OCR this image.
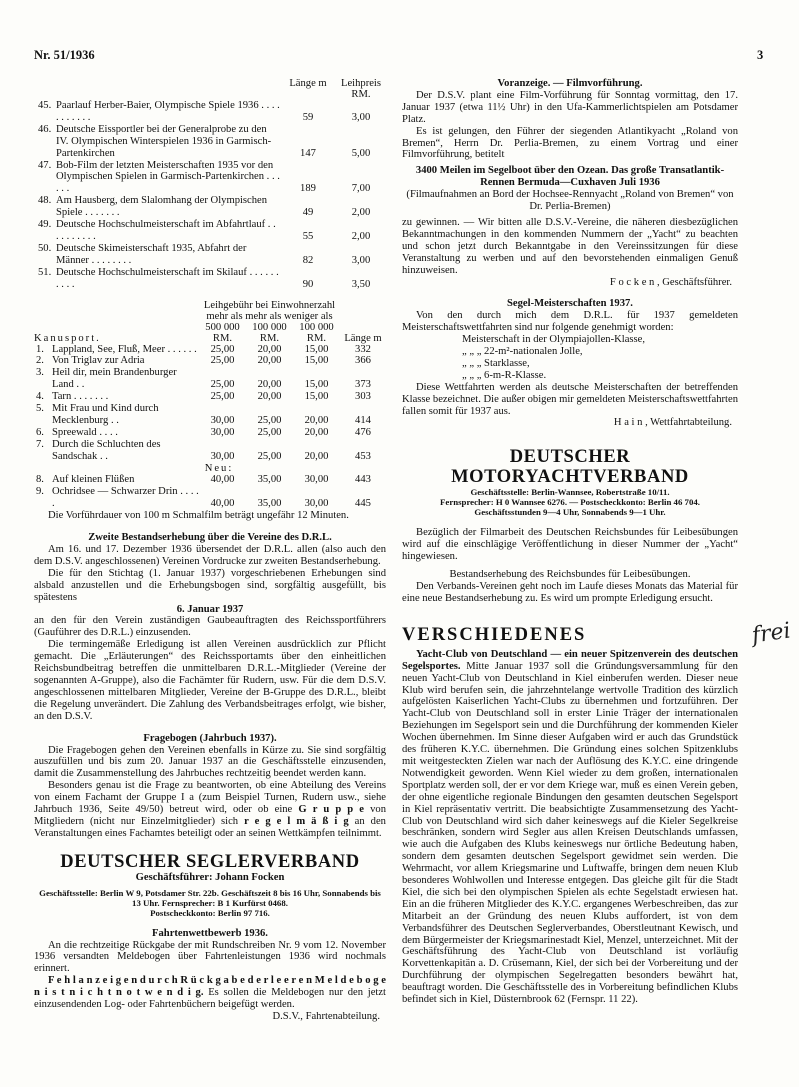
Nr. 51/1936	3
frei
		Länge m	Leihpreis RM.
45.	Paarlauf Herber-Baier, Olympische Spiele 1936 . . . . . . . . . . .	59	3,00
46.	Deutsche Eissportler bei der Generalprobe zu den IV. Olympischen Winterspielen 1936 in Garmisch-Partenkirchen	147	5,00
47.	Bob-Film der letzten Meisterschaften 1935 vor den Olympischen Spielen in Garmisch-Partenkirchen . . . . . .	189	7,00
48.	Am Hausberg, dem Slalomhang der Olympischen Spiele . . . . . . .	49	2,00
49.	Deutsche Hochschulmeisterschaft im Abfahrtlauf . . . . . . . . . .	55	2,00
50.	Deutsche Skimeisterschaft 1935, Abfahrt der Männer . . . . . . . .	82	3,00
51.	Deutsche Hochschulmeisterschaft im Skilauf . . . . . . . . . .	90	3,50
		Leihgebühr bei Einwohnerzahl			
		mehr als mehr als weniger als			
Kanusport.		500 000 RM.	100 000 RM.	100 000 RM.	Länge m
1.	Lappland, See, Fluß, Meer . . . . . .	25,00	20,00	15,00	332
2.	Von Triglav zur Adria	25,00	20,00	15,00	366
3.	Heil dir, mein Brandenburger Land . .	25,00	20,00	15,00	373
4.	Tarn . . . . . . .	25,00	20,00	15,00	303
5.	Mit Frau und Kind durch Mecklenburg . .	30,00	25,00	20,00	414
6.	Spreewald . . . .	30,00	25,00	20,00	476
7.	Durch die Schluchten des Sandschak . .	30,00	25,00	20,00	453
	Neu:				
8.	Auf kleinen Flüßen	40,00	35,00	30,00	443
9.	Ochridsee — Schwarzer Drin . . . . .	40,00	35,00	30,00	445

Die Vorführdauer von 100 m Schmalfilm beträgt ungefähr 12 Minuten.

Zweite Bestandserhebung über die Vereine des D.R.L.

Am 16. und 17. Dezember 1936 übersendet der D.R.L. allen (also auch den dem D.S.V. angeschlossenen) Vereinen Vordrucke zur zweiten Bestandserhebung.

Die für den Stichtag (1. Januar 1937) vorgeschriebenen Erhebungen sind alsbald anzustellen und die Erhebungsbogen sind, sorgfältig ausgefüllt, bis spätestens

6. Januar 1937

an den für den Verein zuständigen Gaubeauftragten des Reichssportführers (Gauführer des D.R.L.) einzusenden.

Die termingemäße Erledigung ist allen Vereinen ausdrücklich zur Pflicht gemacht. Die „Erläuterungen“ des Reichssportamts über den einheitlichen Reichsbundbeitrag betreffen die unmittelbaren D.R.L.-Mitglieder (Vereine der sogenannten A-Gruppe), also die Fachämter für Rudern, usw. Für die dem D.S.V. angeschlossenen mittelbaren Mitglieder, Vereine der B-Gruppe des D.R.L., bleibt die Regelung unverändert. Die Zahlung des Verbandsbeitrages erfolgt, wie bisher, an den D.S.V.

Fragebogen (Jahrbuch 1937).

Die Fragebogen gehen den Vereinen ebenfalls in Kürze zu. Sie sind sorgfältig auszufüllen und bis zum 20. Januar 1937 an die Geschäftsstelle einzusenden, damit die Zusammenstellung des Jahrbuches rechtzeitig beendet werden kann.

Besonders genau ist die Frage zu beantworten, ob eine Abteilung des Vereins von einem Fachamt der Gruppe I a (zum Beispiel Turnen, Rudern usw., siehe Jahrbuch 1936, Seite 49/50) betreut wird, oder ob eine G r u p p e von Mitgliedern (nicht nur Einzelmitglieder) sich r e g e l m ä ß i g an den Veranstaltungen eines Fachamtes beteiligt oder an seinen Wettkämpfen teilnimmt.

DEUTSCHER SEGLERVERBAND
Geschäftsführer: Johann Focken
Geschäftsstelle: Berlin W 9, Potsdamer Str. 22b. Geschäftszeit 8 bis 16 Uhr, Sonnabends bis 13 Uhr. Fernsprecher: B 1 Kurfürst 0468.
Postscheckkonto: Berlin 97 716.
Fahrtenwettbewerb 1936.

An die rechtzeitige Rückgabe der mit Rundschreiben Nr. 9 vom 12. November 1936 versandten Meldebogen über Fahrtenleistungen 1936 wird nochmals erinnert.

F e h l a n z e i g e n d u r c h R ü c k g a b e d e r l e e r e n M e l d e b o g e n i s t n i c h t n o t w e n d i g. Es sollen die Meldebogen nur den jetzt einzusendenden Log- oder Fahrtenbüchern beigefügt werden.

D.S.V., Fahrtenabteilung.
Voranzeige. — Filmvorführung.

Der D.S.V. plant eine Film-Vorführung für Sonntag vormittag, den 17. Januar 1937 (etwa 11½ Uhr) in den Ufa-Kammerlichtspielen am Potsdamer Platz.

Es ist gelungen, den Führer der siegenden Atlantikyacht „Roland von Bremen“, Herrn Dr. Perlia-Bremen, zu einem Vortrag und einer Filmvorführung, betitelt

3400 Meilen im Segelboot über den Ozean. Das große Transatlantik-Rennen Bermuda—Cuxhaven Juli 1936

(Filmaufnahmen an Bord der Hochsee-Rennyacht „Roland von Bremen“ von Dr. Perlia-Bremen)

zu gewinnen. — Wir bitten alle D.S.V.-Vereine, die näheren diesbezüglichen Bekanntmachungen in den kommenden Nummern der „Yacht“ zu beachten und schon jetzt durch Bekanntgabe in den Vereinssitzungen für diese Veranstaltung zu werben und auf den bevorstehenden einmaligen Genuß hinzuweisen.

F o c k e n , Geschäftsführer.
Segel-Meisterschaften 1937.

Von den durch mich dem D.R.L. für 1937 gemeldeten Meisterschaftswettfahrten sind nur folgende genehmigt worden:

Meisterschaft in der Olympiajollen-Klasse,
„ „ „ 22-m²-nationalen Jolle,
„ „ „ Starklasse,
„ „ „ 6-m-R-Klasse.

Diese Wettfahrten werden als deutsche Meisterschaften der betreffenden Klasse bezeichnet. Die außer obigen mir gemeldeten Meisterschaftswettfahrten fallen somit für 1937 aus.

H a i n , Wettfahrtabteilung.
DEUTSCHER MOTORYACHTVERBAND
Geschäftsstelle: Berlin-Wannsee, Robertstraße 10/11.
Fernsprecher: H 0 Wannsee 6276. — Postscheckkonto: Berlin 46 704.
Geschäftsstunden 9—4 Uhr, Sonnabends 9—1 Uhr.

Bezüglich der Filmarbeit des Deutschen Reichsbundes für Leibesübungen wird auf die einschlägige Veröffentlichung in dieser Nummer der „Yacht“ hingewiesen.

Bestandserhebung des Reichsbundes für Leibesübungen.

Den Verbands-Vereinen geht noch im Laufe dieses Monats das Material für eine neue Bestandserhebung zu. Es wird um prompte Erledigung ersucht.

VERSCHIEDENES

Yacht-Club von Deutschland — ein neuer Spitzenverein des deutschen Segelsportes. Mitte Januar 1937 soll die Gründungsversammlung für den neuen Yacht-Club von Deutschland in Kiel einberufen werden. Dieser neue Klub wird berufen sein, die jahrzehntelange wertvolle Tradition des kürzlich aufgelösten Kaiserlichen Yacht-Clubs zu übernehmen und fortzuführen. Der Yacht-Club von Deutschland soll in erster Linie Träger der internationalen Beziehungen im Segelsport sein und die Durchführung der kommenden Kieler Wochen übernehmen. Im Sinne dieser Aufgaben wird er auch das Grundstück des früheren K.Y.C. übernehmen. Die Gründung eines solchen Spitzenklubs mit weitgesteckten Zielen war nach der Auflösung des K.Y.C. eine dringende Notwendigkeit geworden. Wenn Kiel wieder zu dem großen, internationalen Sportplatz werden soll, der er vor dem Kriege war, muß es einen Verein geben, der ohne eigentliche regionale Bindungen den gesamten deutschen Segelsport in Kiel repräsentativ vertritt. Die beabsichtigte Zusammensetzung des Yacht-Club von Deutschland wird sich daher keineswegs auf die Kieler Segelkreise beschränken, sondern wird Segler aus allen Kreisen Deutschlands umfassen, wie auch die Aufgaben des Klubs keineswegs nur örtliche Bedeutung haben, sondern dem gesamten deutschen Segelsport gewidmet sein werden. Die Wehrmacht, vor allem Kriegsmarine und Luftwaffe, bringen dem neuen Klub besonderes Wohlwollen und Interesse entgegen. Das gleiche gilt für die Stadt Kiel, die sich bei den olympischen Spielen als echte Segelstadt erwiesen hat. Ein an die früheren Mitglieder des K.Y.C. ergangenes Werbeschreiben, das zur Mitarbeit an der Gründung des neuen Klubs auffordert, ist von dem Verbandsführer des Deutschen Seglerverbandes, Oberstleutnant Kewisch, und dem Bürgermeister der Kriegsmarinestadt Kiel, Menzel, unterzeichnet. Mit der Geschäftsführung des Yacht-Club von Deutschland ist vorläufig Korvettenkapitän a. D. Crüsemann, Kiel, der sich bei der Vorbereitung und der Durchführung der olympischen Segelregatten besonders bewährt hat, beauftragt worden. Die Geschäftsstelle des in Vorbereitung befindlichen Klubs befindet sich in Kiel, Düsternbrook 62 (Fernspr. 11 22).
